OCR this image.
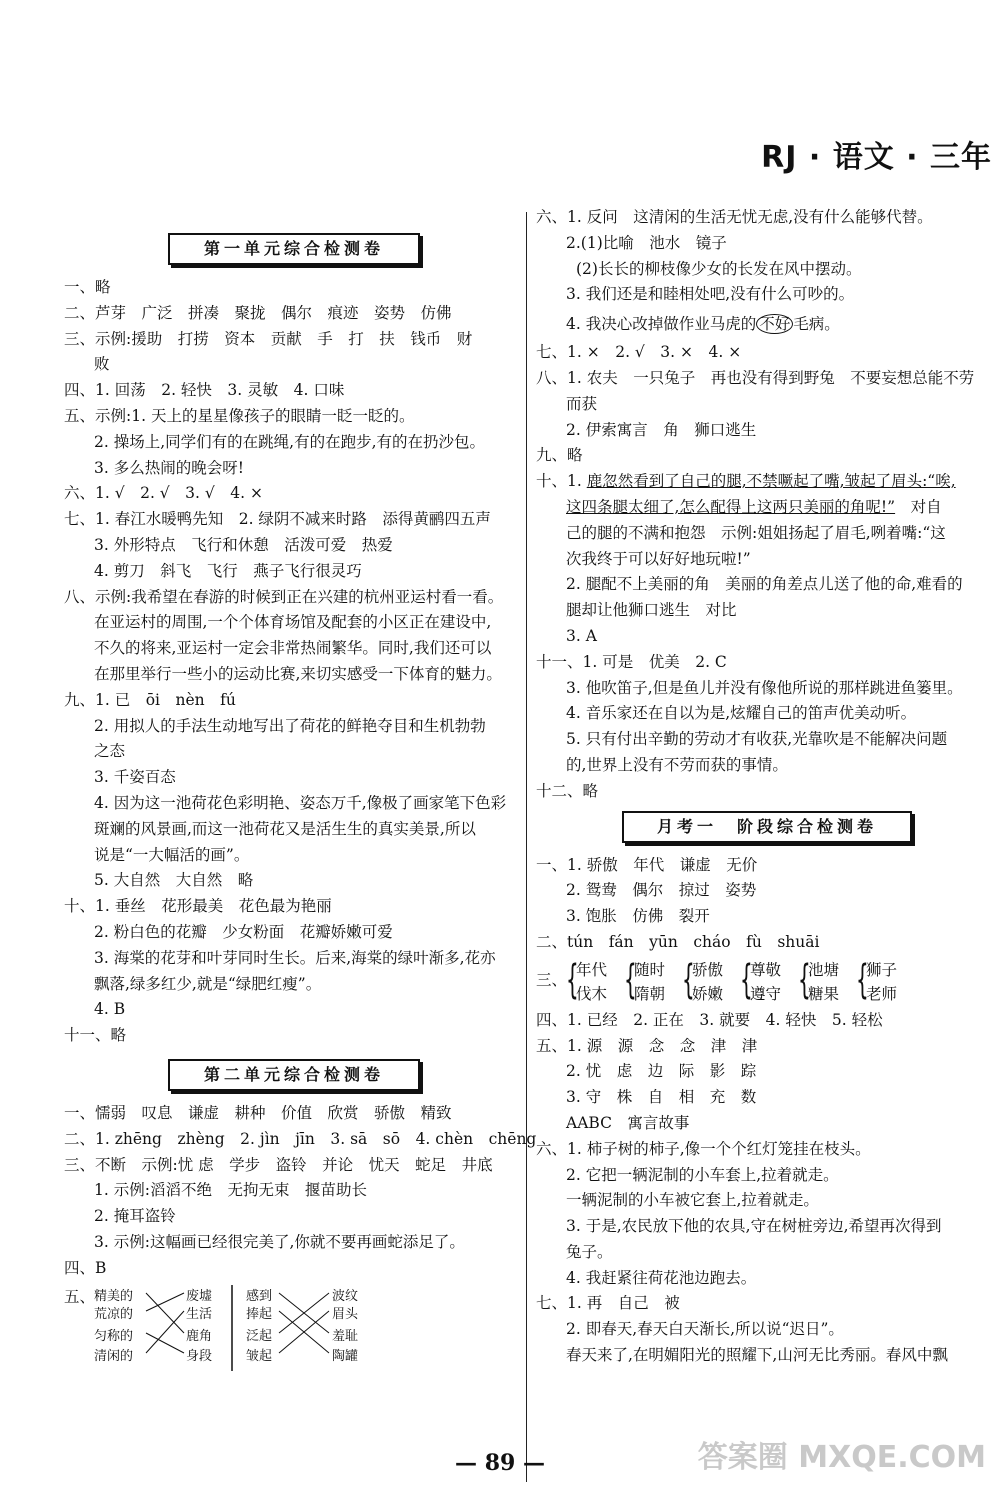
RJ · 语文 · 三年
第一单元综合检测卷
一、略
二、芦芽　广泛　拼凑　聚拢　偶尔　痕迹　姿势　仿佛
三、示例:援助　打捞　资本　贡献　手　打　扶　钱币　财
败
四、1. 回荡　2. 轻快　3. 灵敏　4. 口味
五、示例:1. 天上的星星像孩子的眼睛一眨一眨的。
2. 操场上,同学们有的在跳绳,有的在跑步,有的在扔沙包。
3. 多么热闹的晚会呀!
六、1. √　2. √　3. √　4. ×
七、1. 春江水暖鸭先知　2. 绿阴不减来时路　添得黄鹂四五声
3. 外形特点　飞行和休憩　活泼可爱　热爱
4. 剪刀　斜飞　飞行　燕子飞行很灵巧
八、示例:我希望在春游的时候到正在兴建的杭州亚运村看一看。
在亚运村的周围,一个个体育场馆及配套的小区正在建设中,
不久的将来,亚运村一定会非常热闹繁华。同时,我们还可以
在那里举行一些小的运动比赛,来切实感受一下体育的魅力。
九、1. 已　ōi　nèn　fú
2. 用拟人的手法生动地写出了荷花的鲜艳夺目和生机勃勃
之态
3. 千姿百态
4. 因为这一池荷花色彩明艳、姿态万千,像极了画家笔下色彩
斑斓的风景画,而这一池荷花又是活生生的真实美景,所以
说是“一大幅活的画”。
5. 大自然　大自然　略
十、1. 垂丝　花形最美　花色最为艳丽
2. 粉白色的花瓣　少女粉面　花瓣娇嫩可爱
3. 海棠的花芽和叶芽同时生长。后来,海棠的绿叶渐多,花亦
飘落,绿多红少,就是“绿肥红瘦”。
4. B
十一、略
第二单元综合检测卷
一、懦弱　叹息　谦虚　耕种　价值　欣赏　骄傲　精致
二、1. zhēng　zhèng　2. jìn　jīn　3. sā　sō　4. chèn　chēng
三、不断　示例:忧 虑　学步　盗铃　并论　忧天　蛇足　井底
1. 示例:滔滔不绝　无拘无束　揠苗助长
2. 掩耳盗铃
3. 示例:这幅画已经很完美了,你就不要再画蛇添足了。
四、B
五、
精美的
荒凉的
匀称的
清闲的
废墟
生活
鹿角
身段
感到
捧起
泛起
皱起
波纹
眉头
羞耻
陶罐
六、1. 反问　这清闲的生活无忧无虑,没有什么能够代替。
2.(1)比喻　池水　镜子
(2)长长的柳枝像少女的长发在风中摆动。
3. 我们还是和睦相处吧,没有什么可吵的。
4. 我决心改掉做作业马虎的 不好 毛病。
七、1. ×　2. √　3. ×　4. ×
八、1. 农夫　一只兔子　再也没有得到野兔　不要妄想总能不劳
而获
2. 伊索寓言　角　狮口逃生
九、略
十、1. 鹿忽然看到了自己的腿,不禁噘起了嘴,皱起了眉头:“唉,
这四条腿太细了,怎么配得上这两只美丽的角呢!”　对自
己的腿的不满和抱怨　示例:姐姐扬起了眉毛,咧着嘴:“这
次我终于可以好好地玩啦!”
2. 腿配不上美丽的角　美丽的角差点儿送了他的命,难看的
腿却让他狮口逃生　对比
3. A
十一、1. 可是　优美　2. C
3. 他吹笛子,但是鱼儿并没有像他所说的那样跳进鱼篓里。
4. 音乐家还在自以为是,炫耀自己的笛声优美动听。
5. 只有付出辛勤的劳动才有收获,光靠吹是不能解决问题
的,世界上没有不劳而获的事情。
十二、略
月考一　阶段综合检测卷
一、1. 骄傲　年代　谦虚　无价
2. 鸳鸯　偶尔　掠过　姿势
3. 饱胀　仿佛　裂开
二、tún　fán　yūn　cháo　fù　shuāi
三、
{
年代
伐木 {
随时
隋朝 {
骄傲
娇嫩 {
尊敬
遵守 {
池塘
糖果 {
狮子
老师
四、1. 已经　2. 正在　3. 就要　4. 轻快　5. 轻松
五、1. 源　源　念　念　津　津
2. 忧　虑　边　际　影　踪
3. 守　株　自　相　充　数
AABC　寓言故事
六、1. 柿子树的柿子,像一个个红灯笼挂在枝头。
2. 它把一辆泥制的小车套上,拉着就走。
一辆泥制的小车被它套上,拉着就走。
3. 于是,农民放下他的农具,守在树桩旁边,希望再次得到
兔子。
4. 我赶紧往荷花池边跑去。
七、1. 再　自己　被
2. 即春天,春天白天渐长,所以说“迟日”。
春天来了,在明媚阳光的照耀下,山河无比秀丽。春风中飘
— 89 —	答案圈 MXQE.COM
